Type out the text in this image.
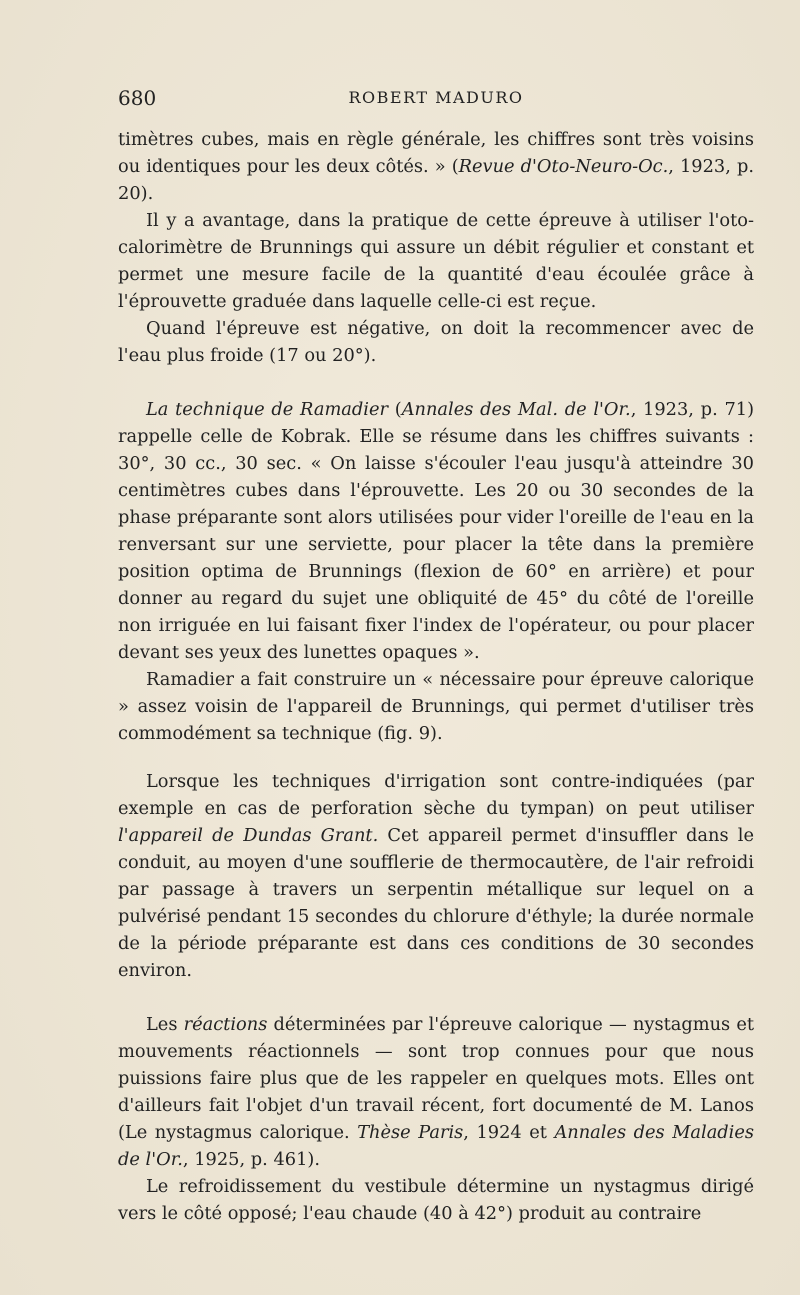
680	ROBERT MADURO

timètres cubes, mais en règle générale, les chiffres sont très voisins ou identiques pour les deux côtés. » (Revue d'Oto-Neuro-Oc., 1923, p. 20).

Il y a avantage, dans la pratique de cette épreuve à utiliser l'oto-calorimètre de Brunnings qui assure un débit régulier et constant et permet une mesure facile de la quantité d'eau écoulée grâce à l'éprouvette graduée dans laquelle celle-ci est reçue.

Quand l'épreuve est négative, on doit la recommencer avec de l'eau plus froide (17 ou 20°).

La technique de Ramadier (Annales des Mal. de l'Or., 1923, p. 71) rappelle celle de Kobrak. Elle se résume dans les chiffres suivants : 30°, 30 cc., 30 sec. « On laisse s'écouler l'eau jusqu'à atteindre 30 centimètres cubes dans l'éprouvette. Les 20 ou 30 secondes de la phase préparante sont alors utilisées pour vider l'oreille de l'eau en la renversant sur une serviette, pour placer la tête dans la première position optima de Brunnings (flexion de 60° en arrière) et pour donner au regard du sujet une obliquité de 45° du côté de l'oreille non irriguée en lui faisant fixer l'index de l'opérateur, ou pour placer devant ses yeux des lunettes opaques ».

Ramadier a fait construire un « nécessaire pour épreuve calorique » assez voisin de l'appareil de Brunnings, qui permet d'utiliser très commodément sa technique (fig. 9).

Lorsque les techniques d'irrigation sont contre-indiquées (par exemple en cas de perforation sèche du tympan) on peut utiliser l'appareil de Dundas Grant. Cet appareil permet d'insuffler dans le conduit, au moyen d'une soufflerie de thermocautère, de l'air refroidi par passage à travers un serpentin métallique sur lequel on a pulvérisé pendant 15 secondes du chlorure d'éthyle; la durée normale de la période préparante est dans ces conditions de 30 secondes environ.

Les réactions déterminées par l'épreuve calorique — nystagmus et mouvements réactionnels — sont trop connues pour que nous puissions faire plus que de les rappeler en quelques mots. Elles ont d'ailleurs fait l'objet d'un travail récent, fort documenté de M. Lanos (Le nystagmus calorique. Thèse Paris, 1924 et Annales des Maladies de l'Or., 1925, p. 461).

Le refroidissement du vestibule détermine un nystagmus dirigé vers le côté opposé; l'eau chaude (40 à 42°) produit au contraire
